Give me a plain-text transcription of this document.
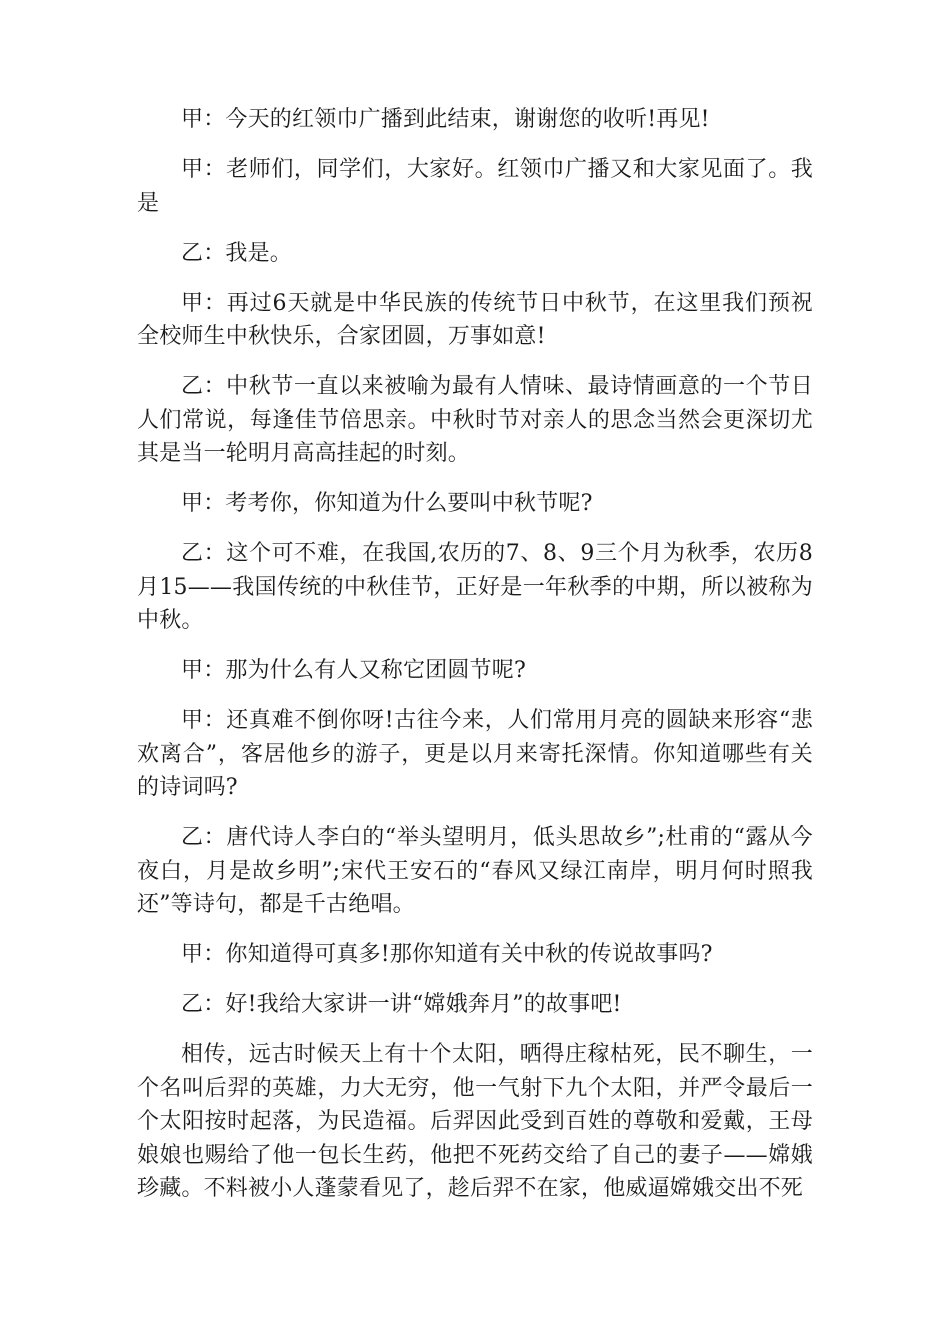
甲：今天的红领巾广播到此结束，谢谢您的收听!再见!

甲：老师们，同学们，大家好。红领巾广播又和大家见面了。我是

乙：我是。

甲：再过6天就是中华民族的传统节日中秋节，在这里我们预祝全校师生中秋快乐，合家团圆，万事如意!

乙：中秋节一直以来被喻为最有人情味、最诗情画意的一个节日人们常说，每逢佳节倍思亲。中秋时节对亲人的思念当然会更深切尤其是当一轮明月高高挂起的时刻。

甲：考考你，你知道为什么要叫中秋节呢?

乙：这个可不难，在我国,农历的7、8、9三个月为秋季，农历8月15——我国传统的中秋佳节，正好是一年秋季的中期，所以被称为中秋。

甲：那为什么有人又称它团圆节呢?

甲：还真难不倒你呀!古往今来，人们常用月亮的圆缺来形容“悲欢离合”，客居他乡的游子，更是以月来寄托深情。你知道哪些有关的诗词吗?

乙：唐代诗人李白的“举头望明月，低头思故乡”;杜甫的“露从今夜白，月是故乡明”;宋代王安石的“春风又绿江南岸，明月何时照我还”等诗句，都是千古绝唱。

甲：你知道得可真多!那你知道有关中秋的传说故事吗?

乙：好!我给大家讲一讲“嫦娥奔月”的故事吧!

相传，远古时候天上有十个太阳，晒得庄稼枯死，民不聊生，一个名叫后羿的英雄，力大无穷，他一气射下九个太阳，并严令最后一个太阳按时起落，为民造福。后羿因此受到百姓的尊敬和爱戴，王母娘娘也赐给了他一包长生药，他把不死药交给了自己的妻子——嫦娥珍藏。不料被小人蓬蒙看见了，趁后羿不在家，他威逼嫦娥交出不死
